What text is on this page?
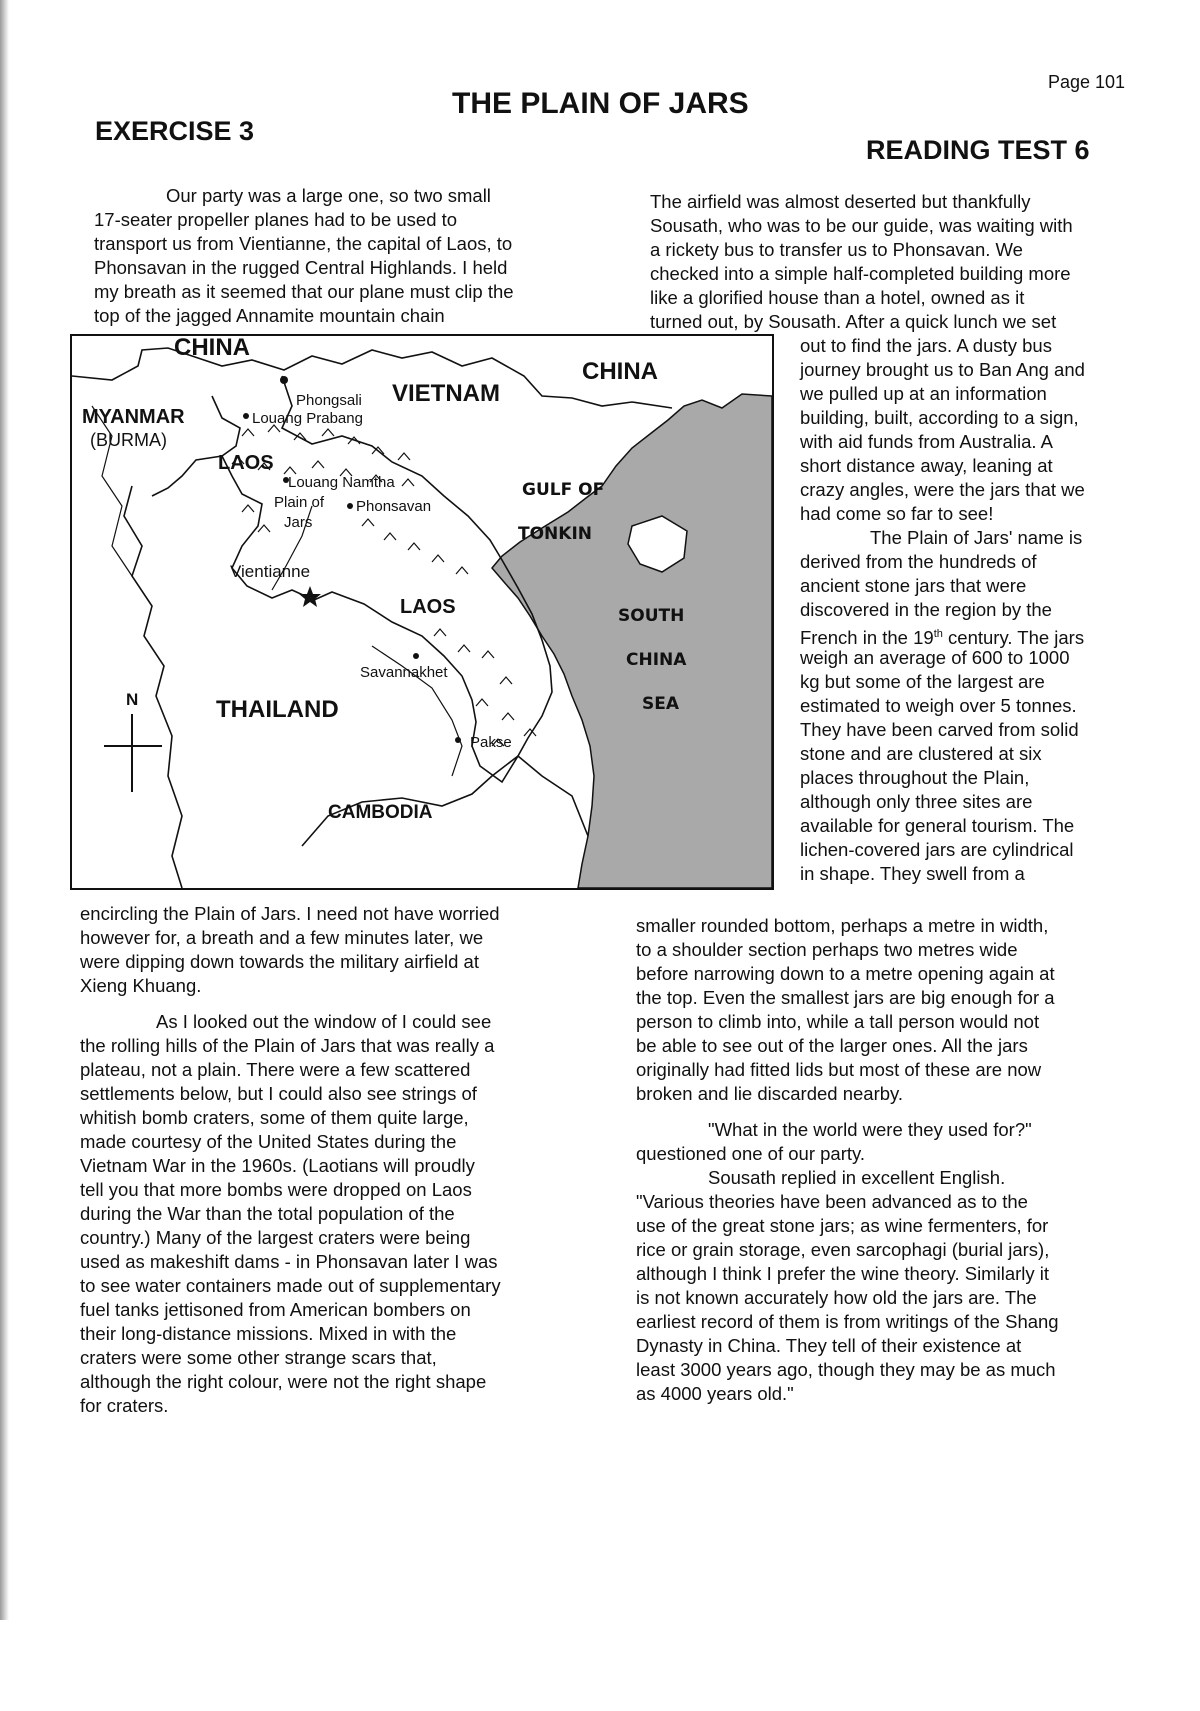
Page 101
THE PLAIN OF JARS
EXERCISE 3
READING TEST 6
Our party was a large one, so two small
17-seater propeller planes had to be used to
transport us from Vientianne, the capital of Laos, to
Phonsavan in the rugged Central Highlands. I held
my breath as it seemed that our plane must clip the
top of the jagged Annamite mountain chain
The airfield was almost deserted but thankfully
Sousath, who was to be our guide, was waiting with
a rickety bus to transfer us to Phonsavan. We
checked into a simple half-completed building more
like a glorified house than a hotel, owned as it
turned out, by Sousath. After a quick lunch we set
CHINA
CHINA
VIETNAM
MYANMAR
(BURMA)
LAOS
LAOS
Phongsali
Louang Prabang
Louang Namtha
Plain of
Jars
Phonsavan
Vientianne
Savannakhet
Pakse
THAILAND
CAMBODIA
GULF OF
TONKIN
SOUTH
CHINA
SEA
N
out to find the jars. A dusty bus
journey brought us to Ban Ang and
we pulled up at an information
building, built, according to a sign,
with aid funds from Australia. A
short distance away, leaning at
crazy angles, were the jars that we
had come so far to see!
The Plain of Jars' name is
derived from the hundreds of
ancient stone jars that were
discovered in the region by the
French in the 19th century. The jars
weigh an average of 600 to 1000
kg but some of the largest are
estimated to weigh over 5 tonnes.
They have been carved from solid
stone and are clustered at six
places throughout the Plain,
although only three sites are
available for general tourism. The
lichen-covered jars are cylindrical
in shape. They swell from a
encircling the Plain of Jars. I need not have worried
however for, a breath and a few minutes later, we
were dipping down towards the military airfield at
Xieng Khuang.
As I looked out the window of I could see
the rolling hills of the Plain of Jars that was really a
plateau, not a plain. There were a few scattered
settlements below, but I could also see strings of
whitish bomb craters, some of them quite large,
made courtesy of the United States during the
Vietnam War in the 1960s. (Laotians will proudly
tell you that more bombs were dropped on Laos
during the War than the total population of the
country.) Many of the largest craters were being
used as makeshift dams - in Phonsavan later I was
to see water containers made out of supplementary
fuel tanks jettisoned from American bombers on
their long-distance missions. Mixed in with the
craters were some other strange scars that,
although the right colour, were not the right shape
for craters.
smaller rounded bottom, perhaps a metre in width,
to a shoulder section perhaps two metres wide
before narrowing down to a metre opening again at
the top. Even the smallest jars are big enough for a
person to climb into, while a tall person would not
be able to see out of the larger ones. All the jars
originally had fitted lids but most of these are now
broken and lie discarded nearby.
"What in the world were they used for?"
questioned one of our party.
Sousath replied in excellent English.
"Various theories have been advanced as to the
use of the great stone jars; as wine fermenters, for
rice or grain storage, even sarcophagi (burial jars),
although I think I prefer the wine theory. Similarly it
is not known accurately how old the jars are. The
earliest record of them is from writings of the Shang
Dynasty in China. They tell of their existence at
least 3000 years ago, though they may be as much
as 4000 years old."
